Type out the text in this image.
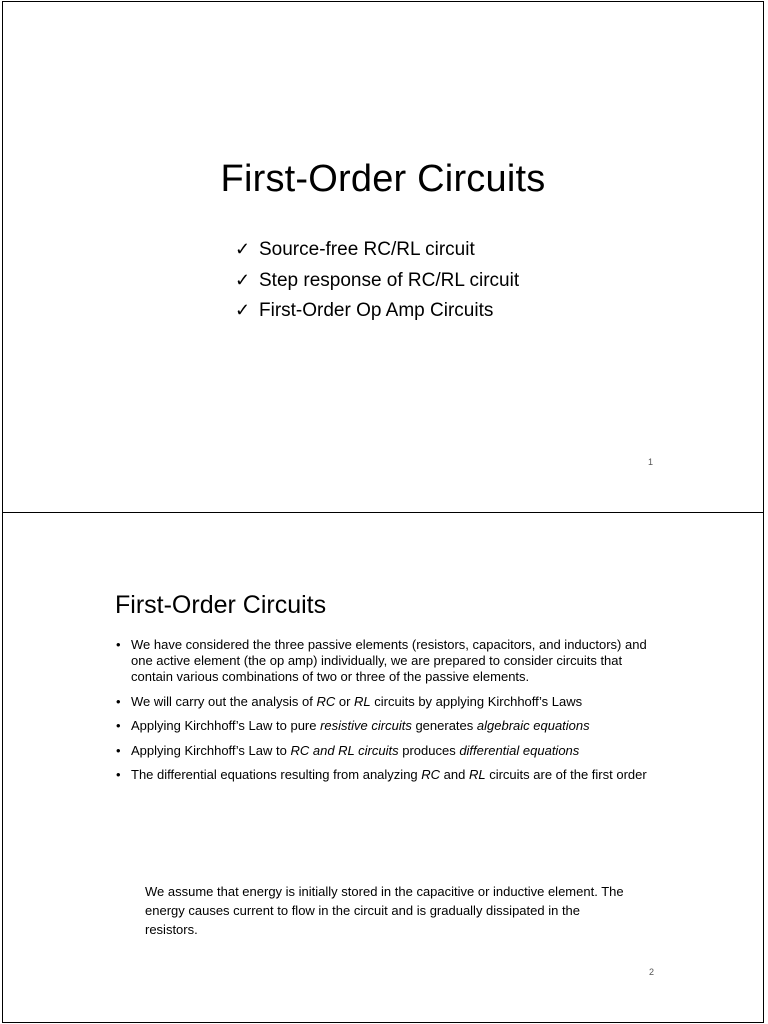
First-Order Circuits
✓ Source-free RC/RL circuit
✓ Step response of RC/RL circuit
✓ First-Order Op Amp Circuits
1
First-Order Circuits
• We have considered the three passive elements (resistors, capacitors, and inductors) and one active element (the op amp) individually, we are prepared to consider circuits that contain various combinations of two or three of the passive elements.
• We will carry out the analysis of RC or RL circuits by applying Kirchhoff’s Laws
• Applying Kirchhoff’s Law to pure resistive circuits generates algebraic equations
• Applying Kirchhoff’s Law to RC and RL circuits produces differential equations
• The differential equations resulting from analyzing RC and RL circuits are of the first order

We assume that energy is initially stored in the capacitive or inductive element. The energy causes current to flow in the circuit and is gradually dissipated in the resistors.

2
